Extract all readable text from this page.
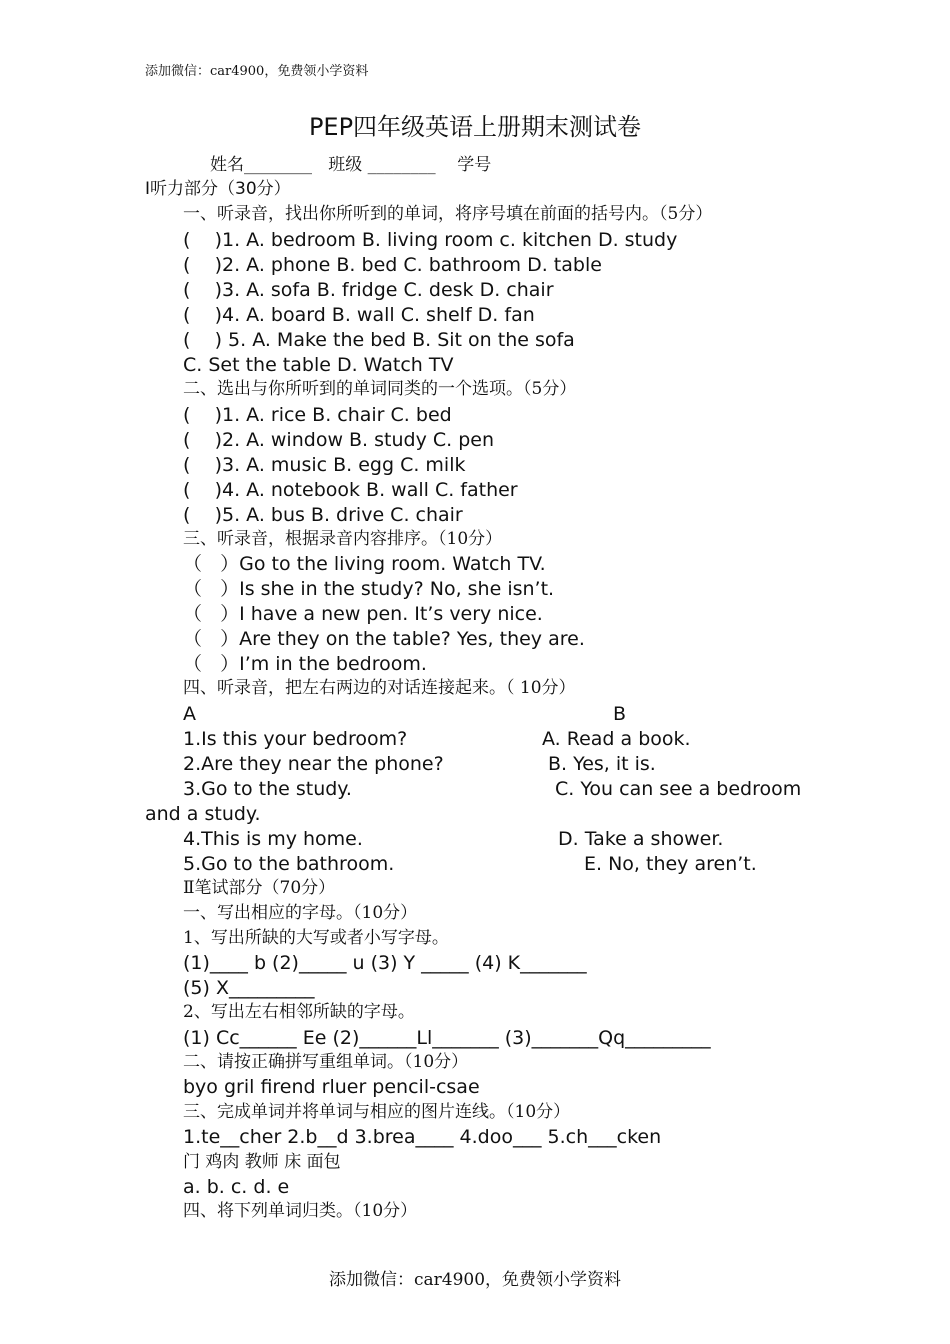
添加微信：car4900，免费领小学资料
PEP四年级英语上册期末测试卷
姓名________   班级 ________    学号
Ⅰ听力部分（30分）
一、听录音，找出你所听到的单词，将序号填在前面的括号内。（5分）
(    )1. A. bedroom B. living room c. kitchen D. study
(    )2. A. phone B. bed C. bathroom D. table
(    )3. A. sofa B. fridge C. desk D. chair
(    )4. A. board B. wall C. shelf D. fan
(    ) 5. A. Make the bed B. Sit on the sofa
C. Set the table D. Watch TV
二、选出与你所听到的单词同类的一个选项。（5分）
(    )1. A. rice B. chair C. bed
(    )2. A. window B. study C. pen
(    )3. A. music B. egg C. milk
(    )4. A. notebook B. wall C. father
(    )5. A. bus B. drive C. chair
三、听录音，根据录音内容排序。（10分）
（   ）Go to the living room. Watch TV.
（   ）Is she in the study? No, she isn’t.
（   ）I have a new pen. It’s very nice.
（   ）Are they on the table? Yes, they are.
（   ）I’m in the bedroom.
四、听录音，把左右两边的对话连接起来。（ 10分）
A	B
1.Is this your bedroom?	A. Read a book.
2.Are they near the phone?	B. Yes, it is.
3.Go to the study.	C. You can see a bedroom
and a study.
4.This is my home.	D. Take a shower.
5.Go to the bathroom.	E. No, they aren’t.
Ⅱ笔试部分（70分）
一、写出相应的字母。（10分）
1、写出所缺的大写或者小写字母。
(1)____ b (2)_____ u (3) Y _____ (4) K_______
(5) X_________
2、写出左右相邻所缺的字母。
(1) Cc______ Ee (2)______Ll_______ (3)_______Qq_________
二、请按正确拼写重组单词。（10分）
byo gril firend rluer pencil-csae
三、完成单词并将单词与相应的图片连线。（10分）
1.te__cher 2.b__d 3.brea____ 4.doo___ 5.ch___cken
门 鸡肉 教师 床 面包
a. b. c. d. e
四、将下列单词归类。（10分）
添加微信：car4900，免费领小学资料
